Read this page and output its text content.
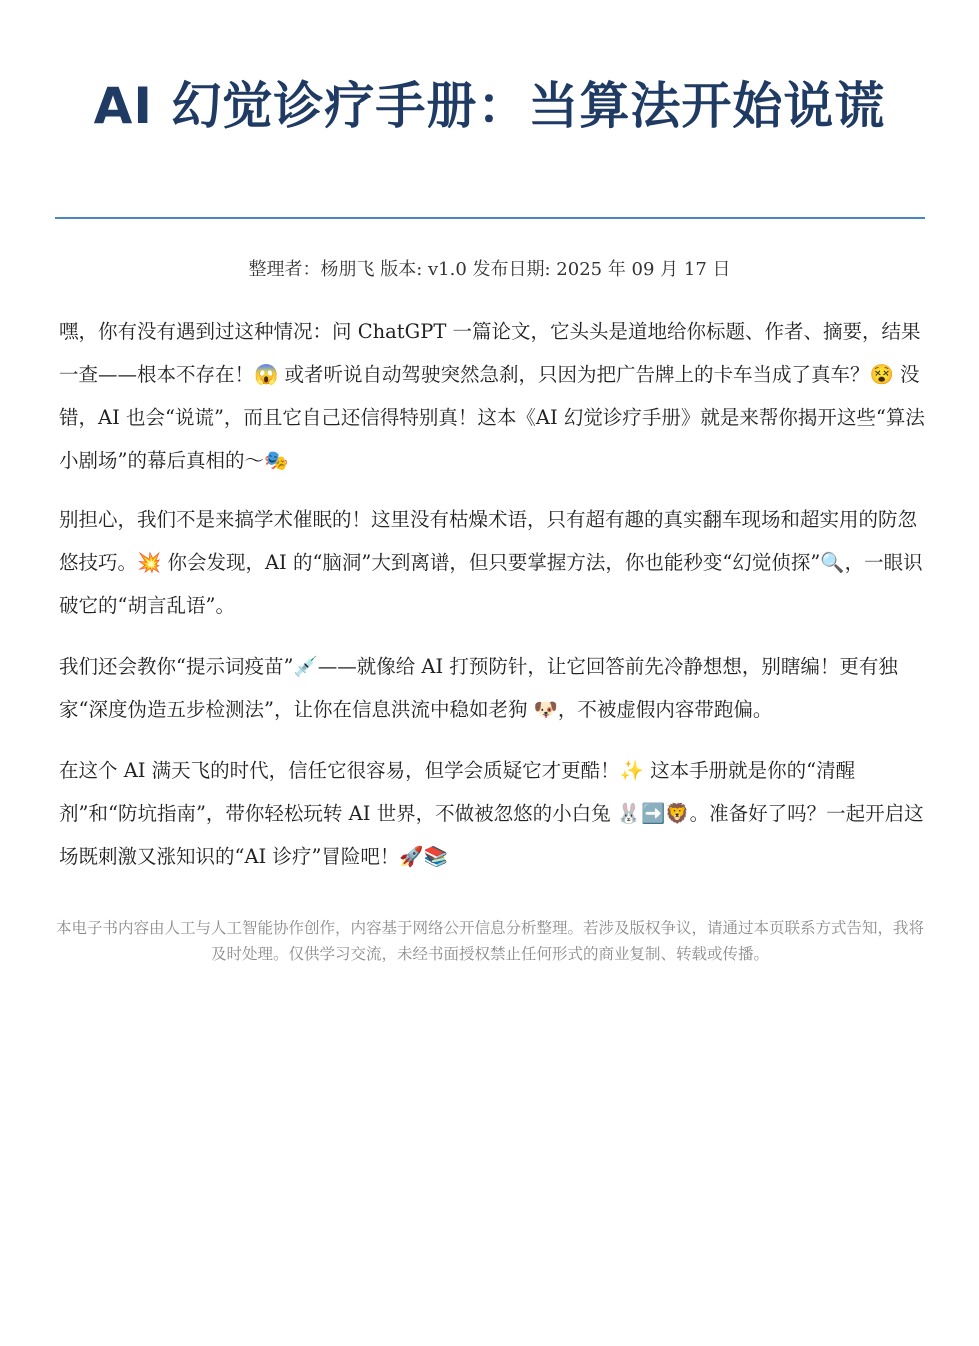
AI 幻觉诊疗手册：当算法开始说谎
整理者：杨朋飞 版本: v1.0 发布日期: 2025 年 09 月 17 日

嘿，你有没有遇到过这种情况：问 ChatGPT 一篇论文，它头头是道地给你标题、作者、摘要，结果一查——根本不存在！😱 或者听说自动驾驶突然急刹，只因为把广告牌上的卡车当成了真车？😵 没错，AI 也会“说谎”，而且它自己还信得特别真！这本《AI 幻觉诊疗手册》就是来帮你揭开这些“算法小剧场”的幕后真相的～🎭

别担心，我们不是来搞学术催眠的！这里没有枯燥术语，只有超有趣的真实翻车现场和超实用的防忽悠技巧。💥 你会发现，AI 的“脑洞”大到离谱，但只要掌握方法，你也能秒变“幻觉侦探”🔍，一眼识破它的“胡言乱语”。

我们还会教你“提示词疫苗”💉——就像给 AI 打预防针，让它回答前先冷静想想，别瞎编！更有独家“深度伪造五步检测法”，让你在信息洪流中稳如老狗 🐶，不被虚假内容带跑偏。

在这个 AI 满天飞的时代，信任它很容易，但学会质疑它才更酷！✨ 这本手册就是你的“清醒剂”和“防坑指南”，带你轻松玩转 AI 世界，不做被忽悠的小白兔 🐰➡️🦁。准备好了吗？一起开启这场既刺激又涨知识的“AI 诊疗”冒险吧！🚀📚

本电子书内容由人工与人工智能协作创作，内容基于网络公开信息分析整理。若涉及版权争议，请通过本页联系方式告知，我将及时处理。仅供学习交流，未经书面授权禁止任何形式的商业复制、转载或传播。
